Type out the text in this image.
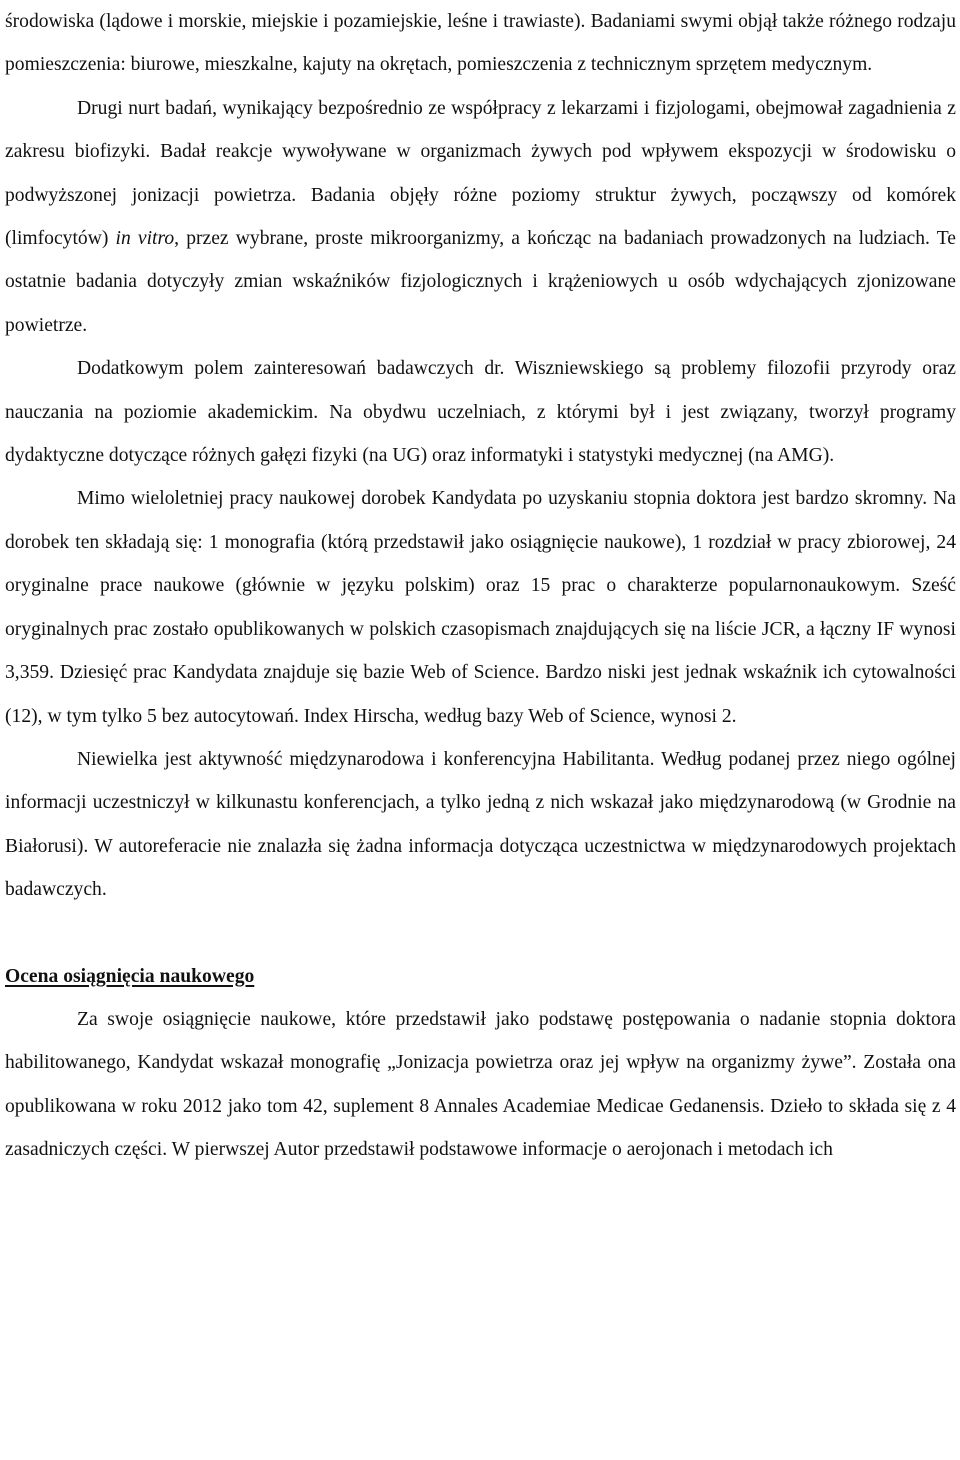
środowiska (lądowe i morskie, miejskie i pozamiejskie, leśne i trawiaste). Badaniami swymi objął także różnego rodzaju pomieszczenia: biurowe, mieszkalne, kajuty na okrętach, pomieszczenia z technicznym sprzętem medycznym.

Drugi nurt badań, wynikający bezpośrednio ze współpracy z lekarzami i fizjologami, obejmował zagadnienia z zakresu biofizyki. Badał reakcje wywoływane w organizmach żywych pod wpływem ekspozycji w środowisku o podwyższonej jonizacji powietrza. Badania objęły różne poziomy struktur żywych, począwszy od komórek (limfocytów) in vitro, przez wybrane, proste mikroorganizmy, a kończąc na badaniach prowadzonych na ludziach. Te ostatnie badania dotyczyły zmian wskaźników fizjologicznych i krążeniowych u osób wdychających zjonizowane powietrze.

Dodatkowym polem zainteresowań badawczych dr. Wiszniewskiego są problemy filozofii przyrody oraz nauczania na poziomie akademickim. Na obydwu uczelniach, z którymi był i jest związany, tworzył programy dydaktyczne dotyczące różnych gałęzi fizyki (na UG) oraz informatyki i statystyki medycznej (na AMG).

Mimo wieloletniej pracy naukowej dorobek Kandydata po uzyskaniu stopnia doktora jest bardzo skromny. Na dorobek ten składają się: 1 monografia (którą przedstawił jako osiągnięcie naukowe), 1 rozdział w pracy zbiorowej, 24 oryginalne prace naukowe (głównie w języku polskim) oraz 15 prac o charakterze popularnonaukowym. Sześć oryginalnych prac zostało opublikowanych w polskich czasopismach znajdujących się na liście JCR, a łączny IF wynosi 3,359. Dziesięć prac Kandydata znajduje się bazie Web of Science. Bardzo niski jest jednak wskaźnik ich cytowalności (12), w tym tylko 5 bez autocytowań. Index Hirscha, według bazy Web of Science, wynosi 2.

Niewielka jest aktywność międzynarodowa i konferencyjna Habilitanta. Według podanej przez niego ogólnej informacji uczestniczył w kilkunastu konferencjach, a tylko jedną z nich wskazał jako międzynarodową (w Grodnie na Białorusi). W autoreferacie nie znalazła się żadna informacja dotycząca uczestnictwa w międzynarodowych projektach badawczych.

Ocena osiągnięcia naukowego

Za swoje osiągnięcie naukowe, które przedstawił jako podstawę postępowania o nadanie stopnia doktora habilitowanego, Kandydat wskazał monografię „Jonizacja powietrza oraz jej wpływ na organizmy żywe”. Została ona opublikowana w roku 2012 jako tom 42, suplement 8 Annales Academiae Medicae Gedanensis. Dzieło to składa się z 4 zasadniczych części. W pierwszej Autor przedstawił podstawowe informacje o aerojonach i metodach ich
